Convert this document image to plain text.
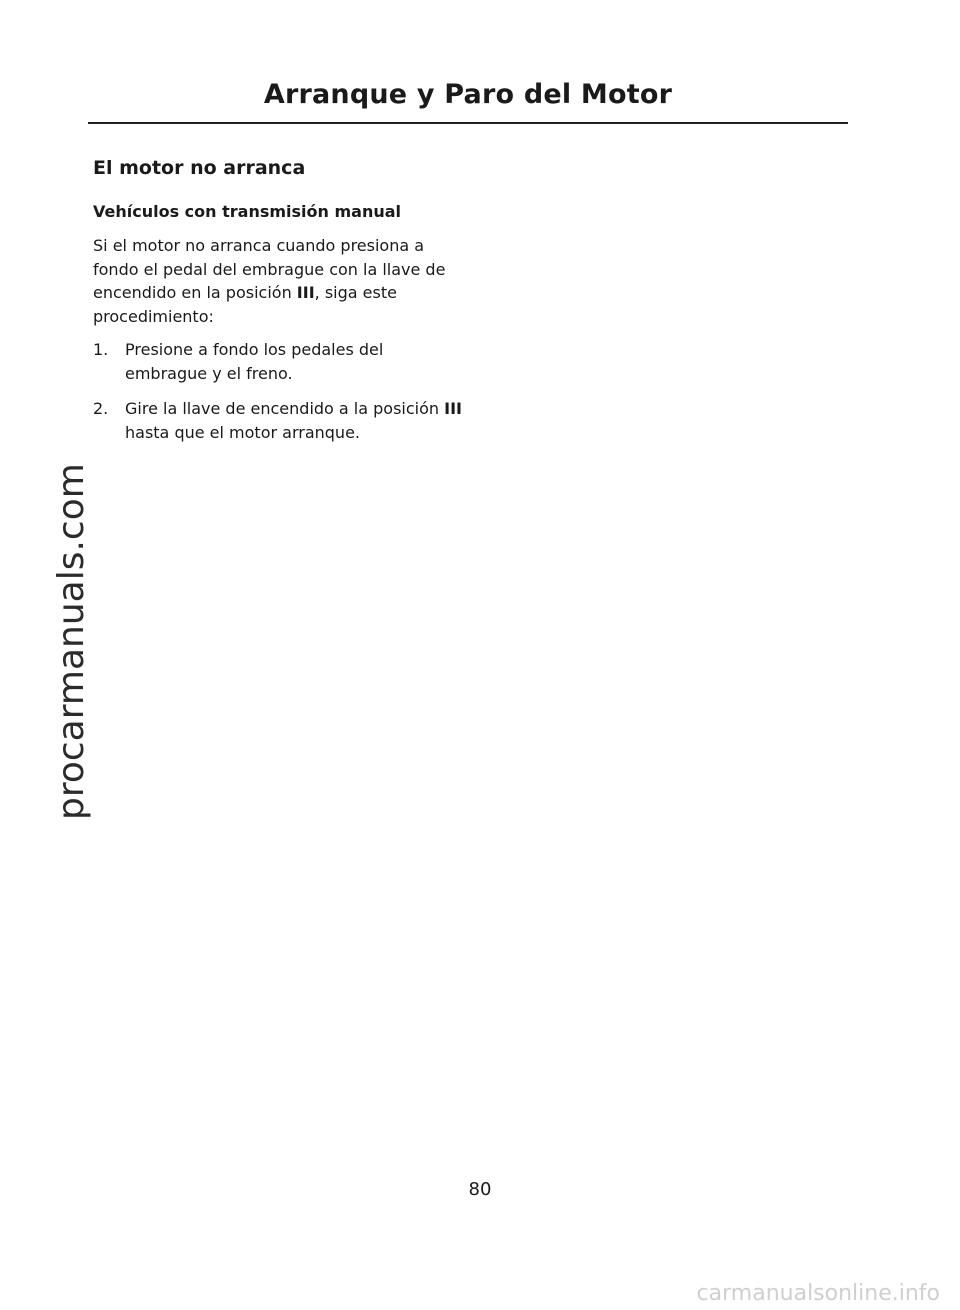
Arranque y Paro del Motor
El motor no arranca
Vehículos con transmisión manual

Si el motor no arranca cuando presiona a fondo el pedal del embrague con la llave de encendido en la posición III, siga este procedimiento:

1. Presione a fondo los pedales del embrague y el freno.
2. Gire la llave de encendido a la posición III hasta que el motor arranque.
procarmanuals.com
80
carmanualsonline.info
